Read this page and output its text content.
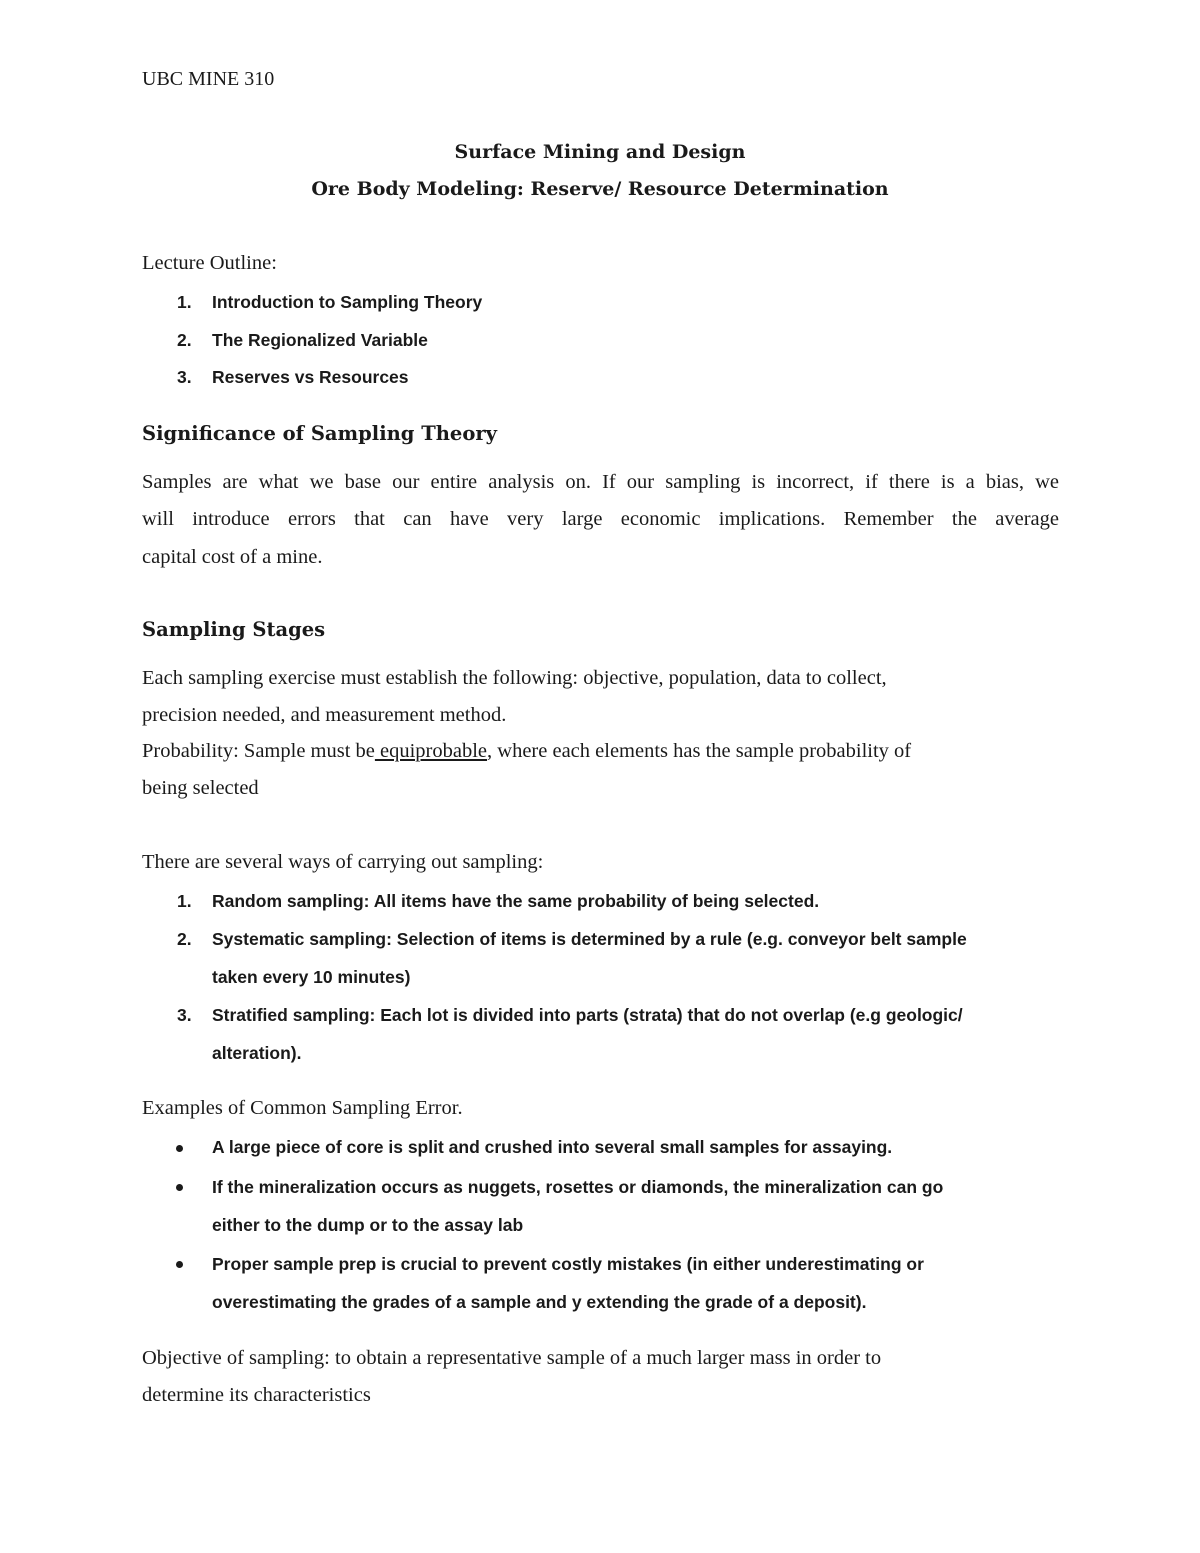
UBC MINE 310
Surface Mining and Design
Ore Body Modeling: Reserve/ Resource Determination
Lecture Outline:
1. Introduction to Sampling Theory
2. The Regionalized Variable
3. Reserves vs Resources
Significance of Sampling Theory
Samples are what we base our entire analysis on. If our sampling is incorrect, if there is a bias, we
will introduce errors that can have very large economic implications. Remember the average
capital cost of a mine.
Sampling Stages
Each sampling exercise must establish the following: objective, population, data to collect,
precision needed, and measurement method.
Probability: Sample must be equiprobable, where each elements has the sample probability of
being selected
There are several ways of carrying out sampling:
1. Random sampling: All items have the same probability of being selected.
2. Systematic sampling: Selection of items is determined by a rule (e.g. conveyor belt sample
taken every 10 minutes)
3. Stratified sampling: Each lot is divided into parts (strata) that do not overlap (e.g geologic/
alteration).
Examples of Common Sampling Error.
A large piece of core is split and crushed into several small samples for assaying.
If the mineralization occurs as nuggets, rosettes or diamonds, the mineralization can go
either to the dump or to the assay lab
Proper sample prep is crucial to prevent costly mistakes (in either underestimating or
overestimating the grades of a sample and y extending the grade of a deposit).
Objective of sampling: to obtain a representative sample of a much larger mass in order to
determine its characteristics
